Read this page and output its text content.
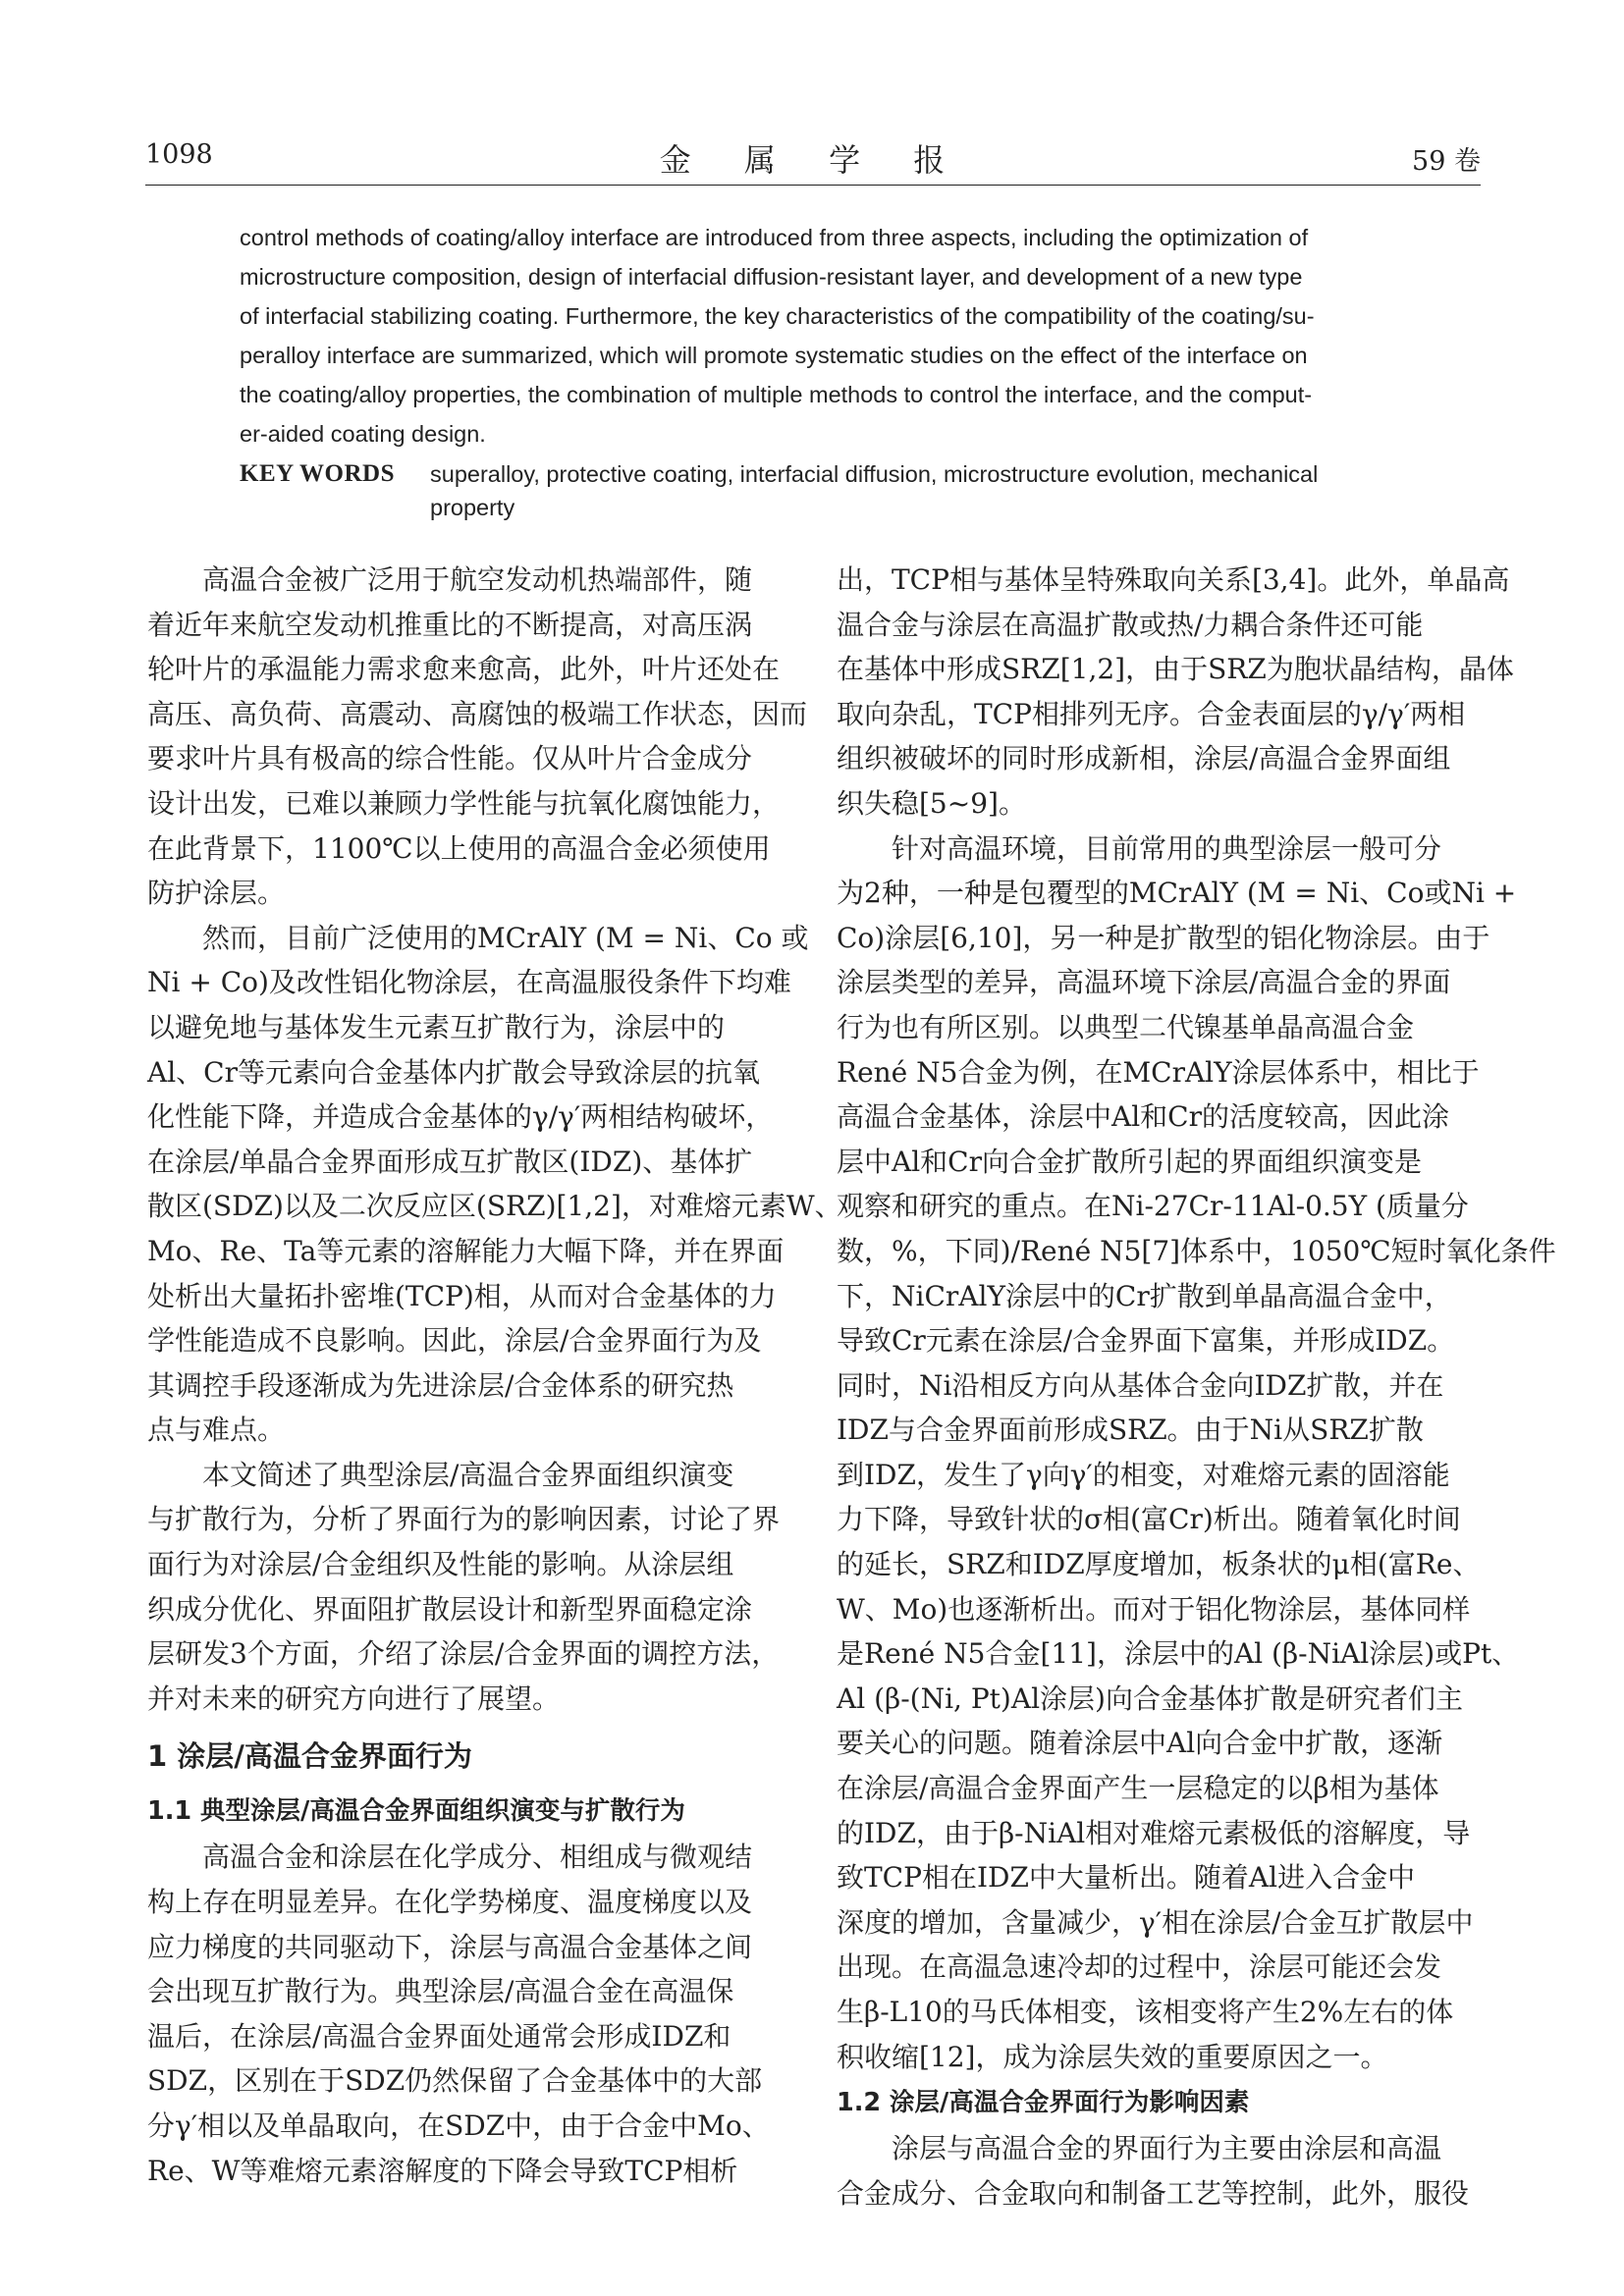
1098	金 属 学 报	59 卷
control methods of coating/alloy interface are introduced from three aspects, including the optimization of
microstructure composition, design of interfacial diffusion-resistant layer, and development of a new type
of interfacial stabilizing coating. Furthermore, the key characteristics of the compatibility of the coating/su-
peralloy interface are summarized, which will promote systematic studies on the effect of the interface on
the coating/alloy properties, the combination of multiple methods to control the interface, and the comput-
er-aided coating design.
KEY WORDS superalloy, protective coating, interfacial diffusion, microstructure evolution, mechanical property
高温合金被广泛用于航空发动机热端部件，随
着近年来航空发动机推重比的不断提高，对高压涡
轮叶片的承温能力需求愈来愈高，此外，叶片还处在
高压、高负荷、高震动、高腐蚀的极端工作状态，因而
要求叶片具有极高的综合性能。仅从叶片合金成分
设计出发，已难以兼顾力学性能与抗氧化腐蚀能力，
在此背景下，1100℃以上使用的高温合金必须使用
防护涂层。
然而，目前广泛使用的MCrAlY (M = Ni、Co 或
Ni + Co)及改性铝化物涂层，在高温服役条件下均难
以避免地与基体发生元素互扩散行为，涂层中的
Al、Cr等元素向合金基体内扩散会导致涂层的抗氧
化性能下降，并造成合金基体的γ/γ′两相结构破坏，
在涂层/单晶合金界面形成互扩散区(IDZ)、基体扩
散区(SDZ)以及二次反应区(SRZ)[1,2]，对难熔元素W、
Mo、Re、Ta等元素的溶解能力大幅下降，并在界面
处析出大量拓扑密堆(TCP)相，从而对合金基体的力
学性能造成不良影响。因此，涂层/合金界面行为及
其调控手段逐渐成为先进涂层/合金体系的研究热
点与难点。
本文简述了典型涂层/高温合金界面组织演变
与扩散行为，分析了界面行为的影响因素，讨论了界
面行为对涂层/合金组织及性能的影响。从涂层组
织成分优化、界面阻扩散层设计和新型界面稳定涂
层研发3个方面，介绍了涂层/合金界面的调控方法，
并对未来的研究方向进行了展望。
1 涂层/高温合金界面行为
1.1 典型涂层/高温合金界面组织演变与扩散行为
高温合金和涂层在化学成分、相组成与微观结
构上存在明显差异。在化学势梯度、温度梯度以及
应力梯度的共同驱动下，涂层与高温合金基体之间
会出现互扩散行为。典型涂层/高温合金在高温保
温后，在涂层/高温合金界面处通常会形成IDZ和
SDZ，区别在于SDZ仍然保留了合金基体中的大部
分γ′相以及单晶取向，在SDZ中，由于合金中Mo、
Re、W等难熔元素溶解度的下降会导致TCP相析
出，TCP相与基体呈特殊取向关系[3,4]。此外，单晶高
温合金与涂层在高温扩散或热/力耦合条件还可能
在基体中形成SRZ[1,2]，由于SRZ为胞状晶结构，晶体
取向杂乱，TCP相排列无序。合金表面层的γ/γ′两相
组织被破坏的同时形成新相，涂层/高温合金界面组
织失稳[5~9]。
针对高温环境，目前常用的典型涂层一般可分
为2种，一种是包覆型的MCrAlY (M = Ni、Co或Ni +
Co)涂层[6,10]，另一种是扩散型的铝化物涂层。由于
涂层类型的差异，高温环境下涂层/高温合金的界面
行为也有所区别。以典型二代镍基单晶高温合金
René N5合金为例，在MCrAlY涂层体系中，相比于
高温合金基体，涂层中Al和Cr的活度较高，因此涂
层中Al和Cr向合金扩散所引起的界面组织演变是
观察和研究的重点。在Ni-27Cr-11Al-0.5Y (质量分
数，%，下同)/René N5[7]体系中，1050℃短时氧化条件
下，NiCrAlY涂层中的Cr扩散到单晶高温合金中，
导致Cr元素在涂层/合金界面下富集，并形成IDZ。
同时，Ni沿相反方向从基体合金向IDZ扩散，并在
IDZ与合金界面前形成SRZ。由于Ni从SRZ扩散
到IDZ，发生了γ向γ′的相变，对难熔元素的固溶能
力下降，导致针状的σ相(富Cr)析出。随着氧化时间
的延长，SRZ和IDZ厚度增加，板条状的μ相(富Re、
W、Mo)也逐渐析出。而对于铝化物涂层，基体同样
是René N5合金[11]，涂层中的Al (β-NiAl涂层)或Pt、
Al (β-(Ni, Pt)Al涂层)向合金基体扩散是研究者们主
要关心的问题。随着涂层中Al向合金中扩散，逐渐
在涂层/高温合金界面产生一层稳定的以β相为基体
的IDZ，由于β-NiAl相对难熔元素极低的溶解度，导
致TCP相在IDZ中大量析出。随着Al进入合金中
深度的增加，含量减少，γ′相在涂层/合金互扩散层中
出现。在高温急速冷却的过程中，涂层可能还会发
生β-L10的马氏体相变，该相变将产生2%左右的体
积收缩[12]，成为涂层失效的重要原因之一。
1.2 涂层/高温合金界面行为影响因素
涂层与高温合金的界面行为主要由涂层和高温
合金成分、合金取向和制备工艺等控制，此外，服役
